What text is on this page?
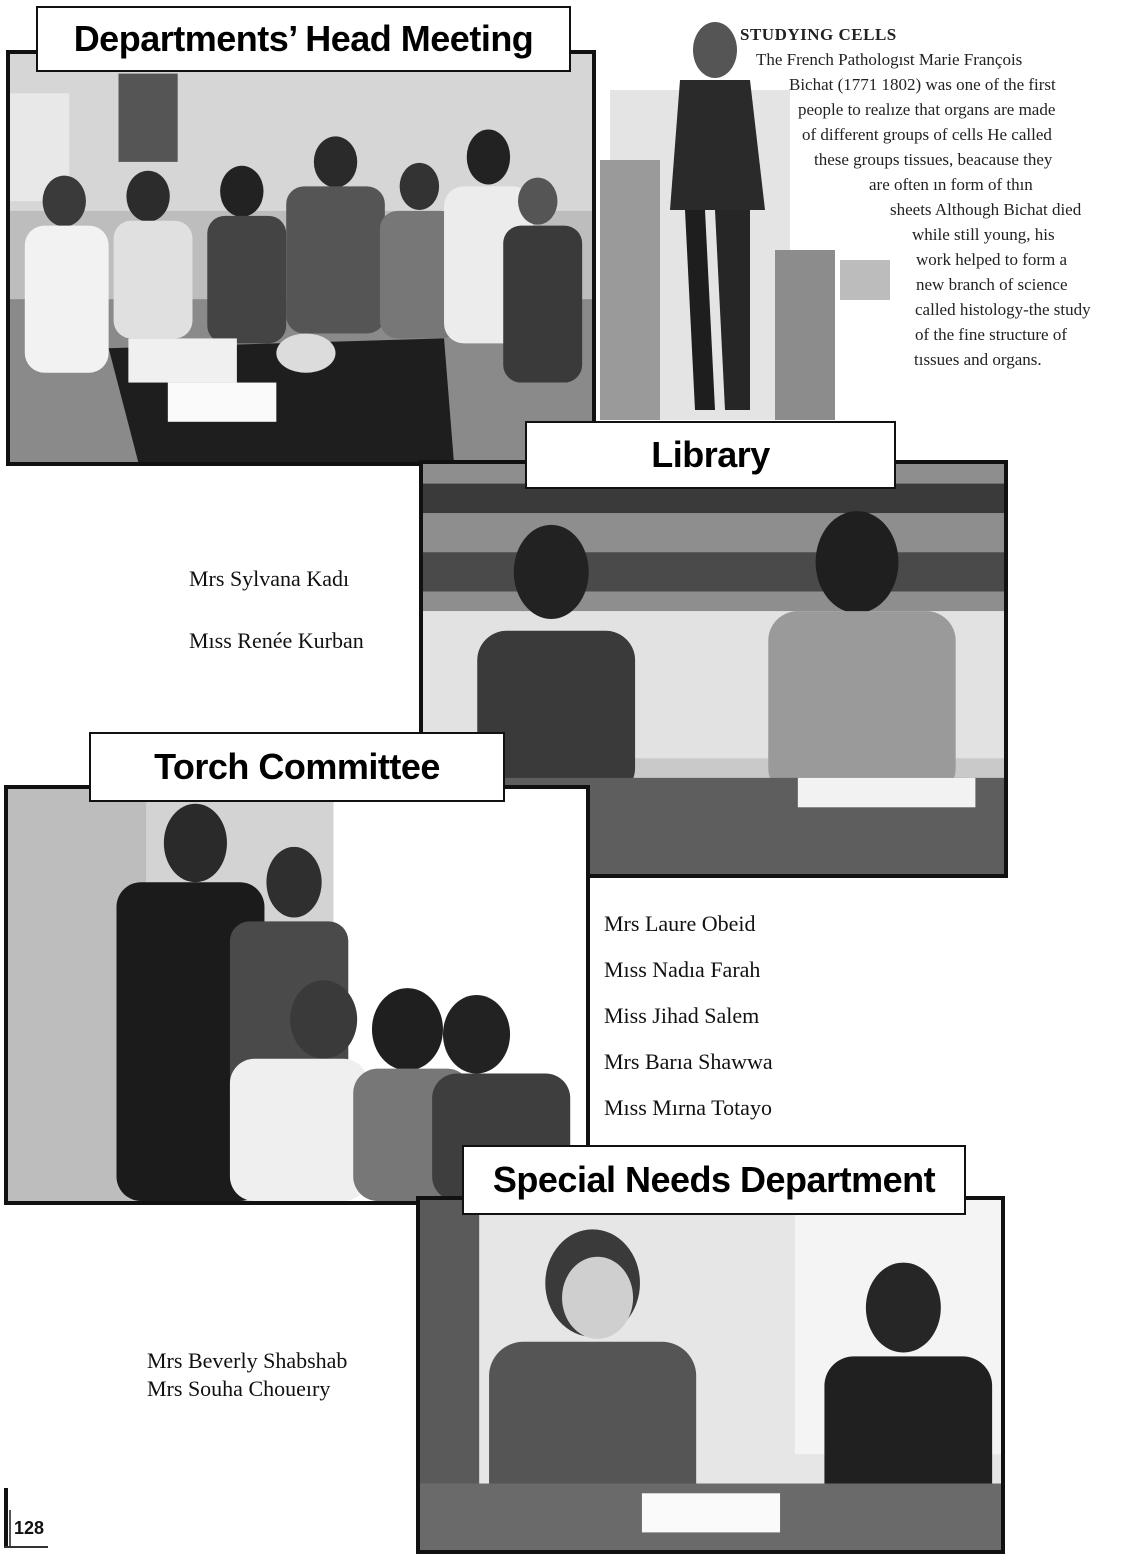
Departments’ Head Meeting
Library
Torch Committee
Special Needs Department
STUDYING CELLS
The French Pathologıst Marie François
Bichat (1771 1802) was one of the first
people to realıze that organs are made
of different groups of cells He called
these groups tissues, beacause they
are often ın form of thın
sheets Although Bichat died
while still young, his
work helped to form a
new branch of science
called histology-the study
of the fine structure of
tıssues and organs.
Mrs Sylvana Kadı
Mıss Renée Kurban
Mrs Laure Obeid
Mıss Nadıa Farah
Miss Jihad Salem
Mrs Barıa Shawwa
Mıss Mırna Totayo
Mrs Beverly Shabshab
Mrs Souha Choueıry
128
